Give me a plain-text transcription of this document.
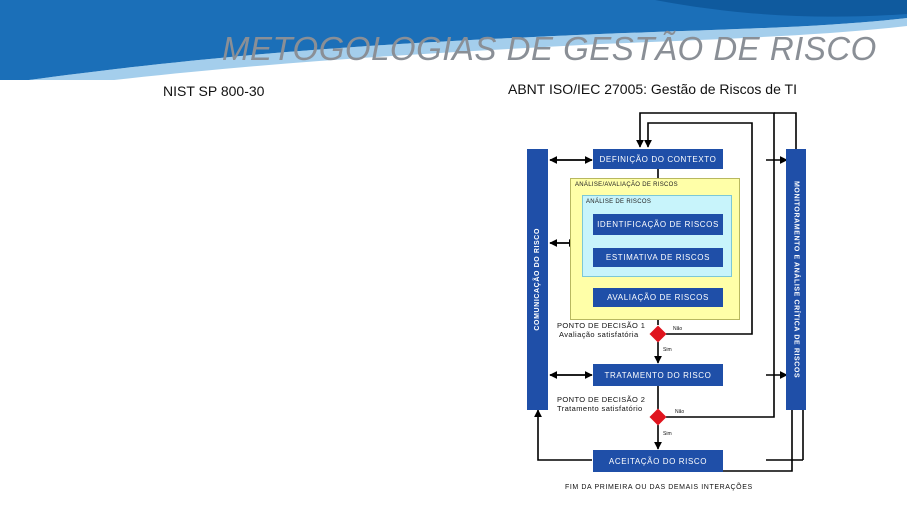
METOGOLOGIAS DE GESTÃO DE RISCO
NIST SP 800-30	ABNT ISO/IEC 27005: Gestão de Riscos de TI
ANÁLISE/AVALIAÇÃO DE RISCOS
ANÁLISE DE RISCOS
DEFINIÇÃO DO CONTEXTO
IDENTIFICAÇÃO DE RISCOS
ESTIMATIVA DE RISCOS
AVALIAÇÃO DE RISCOS
TRATAMENTO DO RISCO
ACEITAÇÃO DO RISCO
COMUNICAÇÃO DO RISCO	MONITORAMENTO E ANÁLISE CRÍTICA DE RISCOS
PONTO DE DECISÃO 1
Avaliação satisfatória
Não
Sim
PONTO DE DECISÃO 2
Tratamento satisfatório	Não
Sim
FIM DA PRIMEIRA OU DAS DEMAIS INTERAÇÕES
